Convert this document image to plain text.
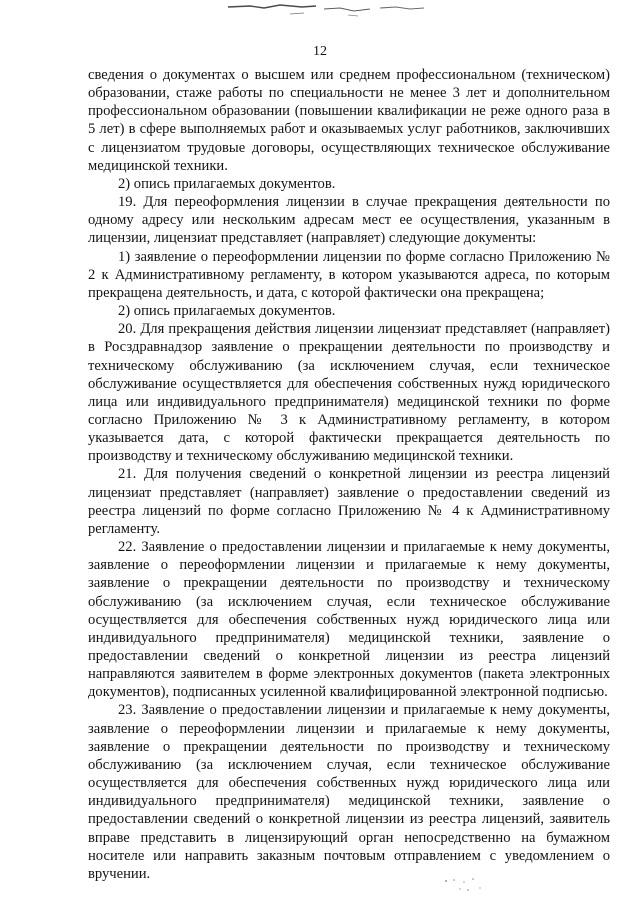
12

сведения о документах о высшем или среднем профессиональном (техническом) образовании, стаже работы по специальности не менее 3 лет и дополнительном профессиональном образовании (повышении квалификации не реже одного раза в 5 лет) в сфере выполняемых работ и оказываемых услуг работников, заключивших с лицензиатом трудовые договоры, осуществляющих техническое обслуживание медицинской техники.

2) опись прилагаемых документов.

19. Для переоформления лицензии в случае прекращения деятельности по одному адресу или нескольким адресам мест ее осуществления, указанным в лицензии, лицензиат представляет (направляет) следующие документы:

1) заявление о переоформлении лицензии по форме согласно Приложению № 2 к Административному регламенту, в котором указываются адреса, по которым прекращена деятельность, и дата, с которой фактически она прекращена;

2) опись прилагаемых документов.

20. Для прекращения действия лицензии лицензиат представляет (направляет) в Росздравнадзор заявление о прекращении деятельности по производству и техническому обслуживанию (за исключением случая, если техническое обслуживание осуществляется для обеспечения собственных нужд юридического лица или индивидуального предпринимателя) медицинской техники по форме согласно Приложению № 3 к Административному регламенту, в котором указывается дата, с которой фактически прекращается деятельность по производству и техническому обслуживанию медицинской техники.

21. Для получения сведений о конкретной лицензии из реестра лицензий лицензиат представляет (направляет) заявление о предоставлении сведений из реестра лицензий по форме согласно Приложению № 4 к Административному регламенту.

22. Заявление о предоставлении лицензии и прилагаемые к нему документы, заявление о переоформлении лицензии и прилагаемые к нему документы, заявление о прекращении деятельности по производству и техническому обслуживанию (за исключением случая, если техническое обслуживание осуществляется для обеспечения собственных нужд юридического лица или индивидуального предпринимателя) медицинской техники, заявление о предоставлении сведений о конкретной лицензии из реестра лицензий направляются заявителем в форме электронных документов (пакета электронных документов), подписанных усиленной квалифицированной электронной подписью.

23. Заявление о предоставлении лицензии и прилагаемые к нему документы, заявление о переоформлении лицензии и прилагаемые к нему документы, заявление о прекращении деятельности по производству и техническому обслуживанию (за исключением случая, если техническое обслуживание осуществляется для обеспечения собственных нужд юридического лица или индивидуального предпринимателя) медицинской техники, заявление о предоставлении сведений о конкретной лицензии из реестра лицензий, заявитель вправе представить в лицензирующий орган непосредственно на бумажном носителе или направить заказным почтовым отправлением с уведомлением о вручении.
